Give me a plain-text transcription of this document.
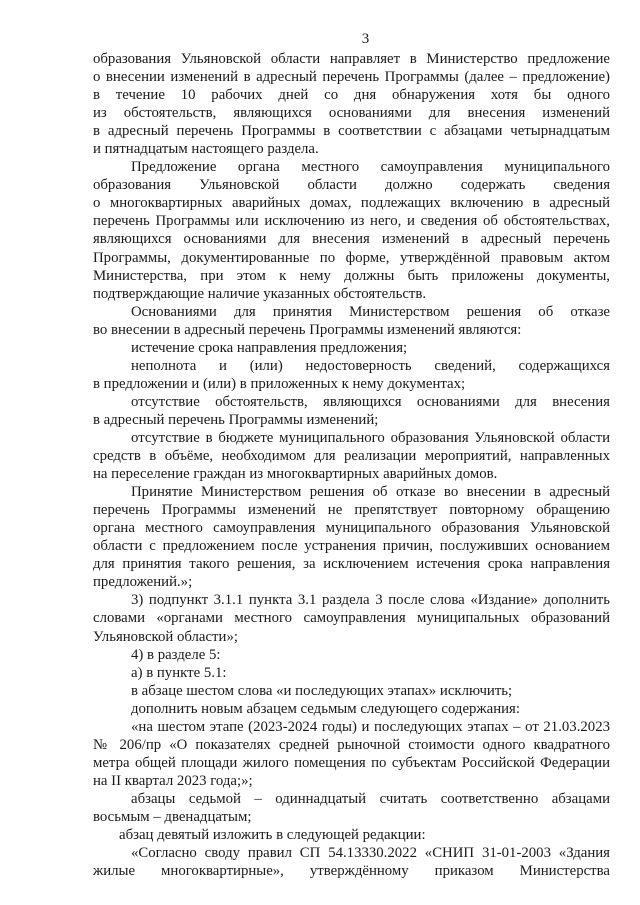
3

образования Ульяновской области направляет в Министерство предложение

о внесении изменений в адресный перечень Программы (далее – предложение)

в течение 10 рабочих дней со дня обнаружения хотя бы одного

из обстоятельств, являющихся основаниями для внесения изменений

в адресный перечень Программы в соответствии с абзацами четырнадцатым

и пятнадцатым настоящего раздела.

Предложение органа местного самоуправления муниципального

образования Ульяновской области должно содержать сведения

о многоквартирных аварийных домах, подлежащих включению в адресный

перечень Программы или исключению из него, и сведения об обстоятельствах,

являющихся основаниями для внесения изменений в адресный перечень

Программы, документированные по форме, утверждённой правовым актом

Министерства, при этом к нему должны быть приложены документы,

подтверждающие наличие указанных обстоятельств.

Основаниями для принятия Министерством решения об отказе

во внесении в адресный перечень Программы изменений являются:

истечение срока направления предложения;

неполнота и (или) недостоверность сведений, содержащихся

в предложении и (или) в приложенных к нему документах;

отсутствие обстоятельств, являющихся основаниями для внесения

в адресный перечень Программы изменений;

отсутствие в бюджете муниципального образования Ульяновской области

средств в объёме, необходимом для реализации мероприятий, направленных

на переселение граждан из многоквартирных аварийных домов.

Принятие Министерством решения об отказе во внесении в адресный

перечень Программы изменений не препятствует повторному обращению

органа местного самоуправления муниципального образования Ульяновской

области с предложением после устранения причин, послуживших основанием

для принятия такого решения, за исключением истечения срока направления

предложений.»;

3) подпункт 3.1.1 пункта 3.1 раздела 3 после слова «Издание» дополнить

словами «органами местного самоуправления муниципальных образований

Ульяновской области»;

4) в разделе 5:

а) в пункте 5.1:

в абзаце шестом слова «и последующих этапах» исключить;

дополнить новым абзацем седьмым следующего содержания:

«на шестом этапе (2023-2024 годы) и последующих этапах – от 21.03.2023

№ 206/пр «О показателях средней рыночной стоимости одного квадратного

метра общей площади жилого помещения по субъектам Российской Федерации

на II квартал 2023 года;»;

абзацы седьмой – одиннадцатый считать соответственно абзацами

восьмым – двенадцатым;

абзац девятый изложить в следующей редакции:

«Согласно своду правил СП 54.13330.2022 «СНИП 31-01-2003 «Здания

жилые многоквартирные», утверждённому приказом Министерства
